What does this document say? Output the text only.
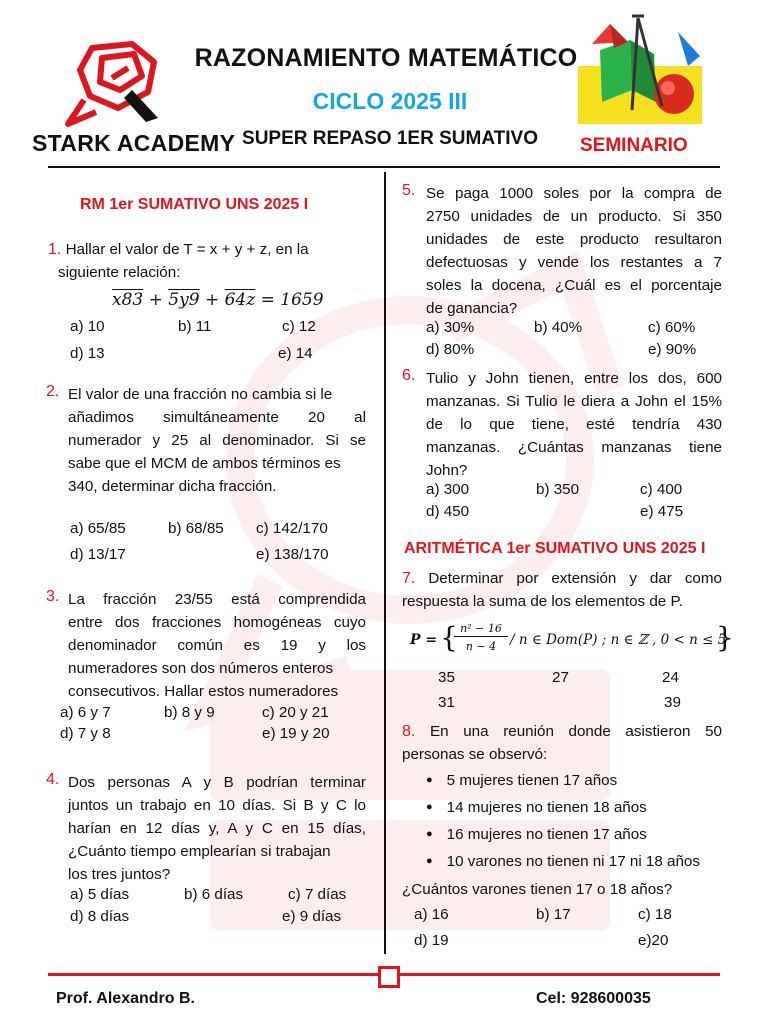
RAZONAMIENTO MATEMÁTICO
CICLO 2025 III
SUPER REPASO 1ER SUMATIVO
STARK ACADEMY	SEMINARIO
RM 1er SUMATIVO UNS 2025 I
1. Hallar el valor de T = x + y + z, en la
siguiente relación:
x83 + 5y9 + 64z = 1659
a) 10	b) 11	c) 12
d) 13	e) 14
2. El valor de una fracción no cambia si le
añadimos simultáneamente 20 al
numerador y 25 al denominador. Si se
sabe que el MCM de ambos términos es
340, determinar dicha fracción.
a) 65/85	b) 68/85 c) 142/170
d) 13/17	e) 138/170
3. La fracción 23/55 está comprendida
entre dos fracciones homogéneas cuyo
denominador común es 19 y los
numeradores son dos números enteros
consecutivos. Hallar estos numeradores
a) 6 y 7	b) 8 y 9	c) 20 y 21
d) 7 y 8	e) 19 y 20
4. Dos personas A y B podrían terminar
juntos un trabajo en 10 días. Si B y C lo
harían en 12 días y, A y C en 15 días,
¿Cuánto tiempo emplearían si trabajan
los tres juntos?
a) 5 días	b) 6 días	c) 7 días
d) 8 días	e) 9 días
5. Se paga 1000 soles por la compra de
2750 unidades de un producto. Si 350
unidades de este producto resultaron
defectuosas y vende los restantes a 7
soles la docena, ¿Cuál es el porcentaje
de ganancia?
a) 30%	b) 40%	c) 60%
d) 80%	e) 90%
6. Tulio y John tienen, entre los dos, 600
manzanas. Si Tulio le diera a John el 15%
de lo que tiene, esté tendría 430
manzanas. ¿Cuántas manzanas tiene
John?
a) 300	b) 350	c) 400
d) 450	e) 475
ARITMÉTICA 1er SUMATIVO UNS 2025 I
7. Determinar por extensión y dar como
respuesta la suma de los elementos de P.
P = { n² − 16
n − 4	/ n ∈ Dom(P) ; n ∈ ℤ , 0 < n ≤ 5
}
35	27	24
31	39
8. En una reunión donde asistieron 50
personas se observó:
● 5 mujeres tienen 17 años
● 14 mujeres no tienen 18 años
● 16 mujeres no tienen 17 años
● 10 varones no tienen ni 17 ni 18 años
¿Cuántos varones tienen 17 o 18 años?
a) 16	b) 17	c) 18
d) 19	e)20
Prof. Alexandro B.	Cel: 928600035
